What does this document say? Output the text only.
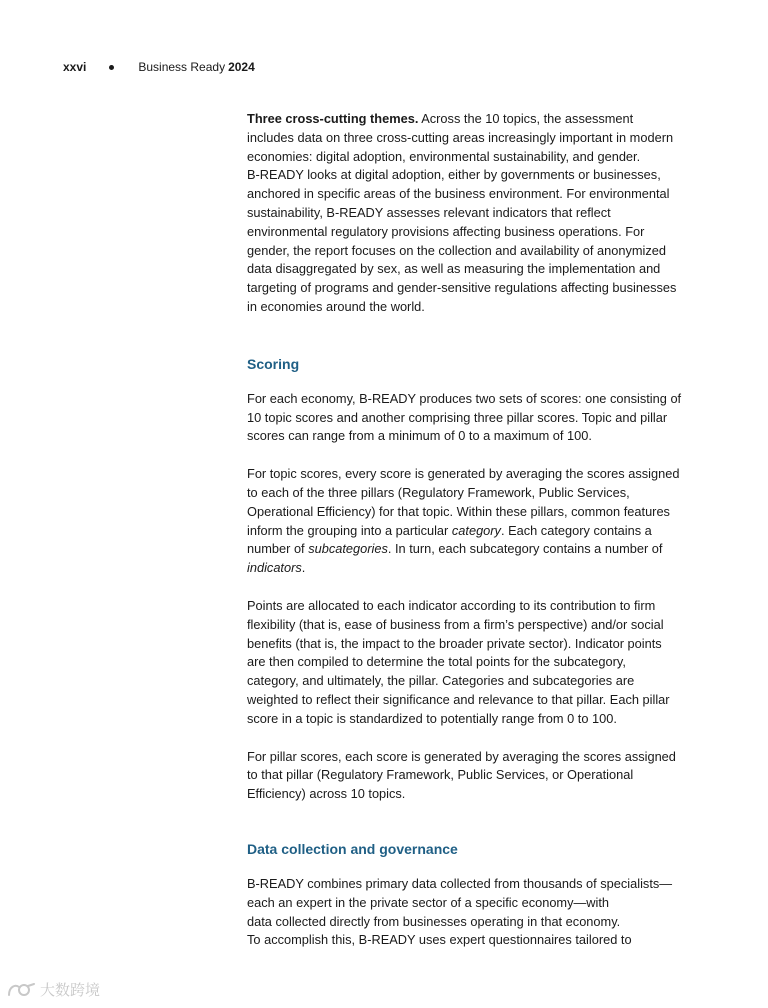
xxvi	Business Ready 2024

Three cross-cutting themes. Across the 10 topics, the assessment
includes data on three cross-cutting areas increasingly important in modern
economies: digital adoption, environmental sustainability, and gender.
B-READY looks at digital adoption, either by governments or businesses,
anchored in specific areas of the business environment. For environmental
sustainability, B-READY assesses relevant indicators that reflect
environmental regulatory provisions affecting business operations. For
gender, the report focuses on the collection and availability of anonymized
data disaggregated by sex, as well as measuring the implementation and
targeting of programs and gender-sensitive regulations affecting businesses
in economies around the world.

Scoring

For each economy, B-READY produces two sets of scores: one consisting of
10 topic scores and another comprising three pillar scores. Topic and pillar
scores can range from a minimum of 0 to a maximum of 100.

For topic scores, every score is generated by averaging the scores assigned
to each of the three pillars (Regulatory Framework, Public Services,
Operational Efficiency) for that topic. Within these pillars, common features
inform the grouping into a particular category. Each category contains a
number of subcategories. In turn, each subcategory contains a number of
indicators.

Points are allocated to each indicator according to its contribution to firm
flexibility (that is, ease of business from a firm’s perspective) and/or social
benefits (that is, the impact to the broader private sector). Indicator points
are then compiled to determine the total points for the subcategory,
category, and ultimately, the pillar. Categories and subcategories are
weighted to reflect their significance and relevance to that pillar. Each pillar
score in a topic is standardized to potentially range from 0 to 100.

For pillar scores, each score is generated by averaging the scores assigned
to that pillar (Regulatory Framework, Public Services, or Operational
Efficiency) across 10 topics.

Data collection and governance

B-READY combines primary data collected from thousands of specialists—
each an expert in the private sector of a specific economy—with
data collected directly from businesses operating in that economy.
To accomplish this, B-READY uses expert questionnaires tailored to

大数跨境
